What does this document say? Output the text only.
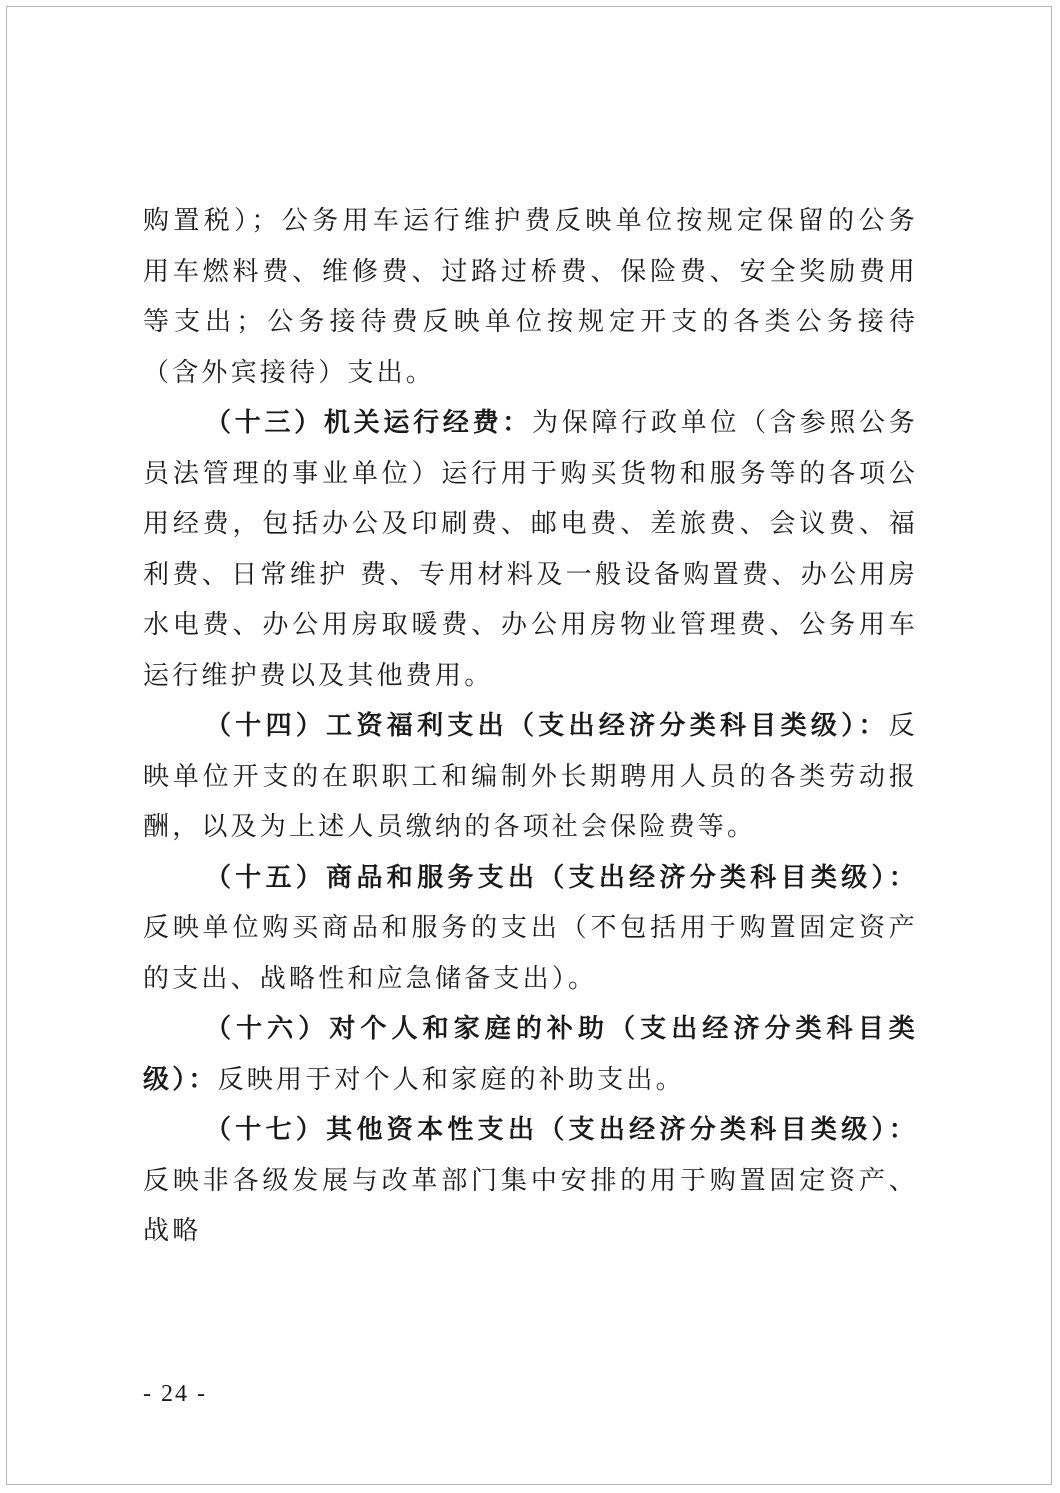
购置税）；公务用车运行维护费反映单位按规定保留的公务用车燃料费、维修费、过路过桥费、保险费、安全奖励费用等支出；公务接待费反映单位按规定开支的各类公务接待（含外宾接待）支出。

（十三）机关运行经费：为保障行政单位（含参照公务员法管理的事业单位）运行用于购买货物和服务等的各项公用经费，包括办公及印刷费、邮电费、差旅费、会议费、福利费、日常维护 费、专用材料及一般设备购置费、办公用房水电费、办公用房取暖费、办公用房物业管理费、公务用车运行维护费以及其他费用。

（十四）工资福利支出（支出经济分类科目类级）：反映单位开支的在职职工和编制外长期聘用人员的各类劳动报酬，以及为上述人员缴纳的各项社会保险费等。

（十五）商品和服务支出（支出经济分类科目类级）：反映单位购买商品和服务的支出（不包括用于购置固定资产的支出、战略性和应急储备支出）。

（十六）对个人和家庭的补助（支出经济分类科目类级）：反映用于对个人和家庭的补助支出。

（十七）其他资本性支出（支出经济分类科目类级）：反映非各级发展与改革部门集中安排的用于购置固定资产、战略

- 24 -
